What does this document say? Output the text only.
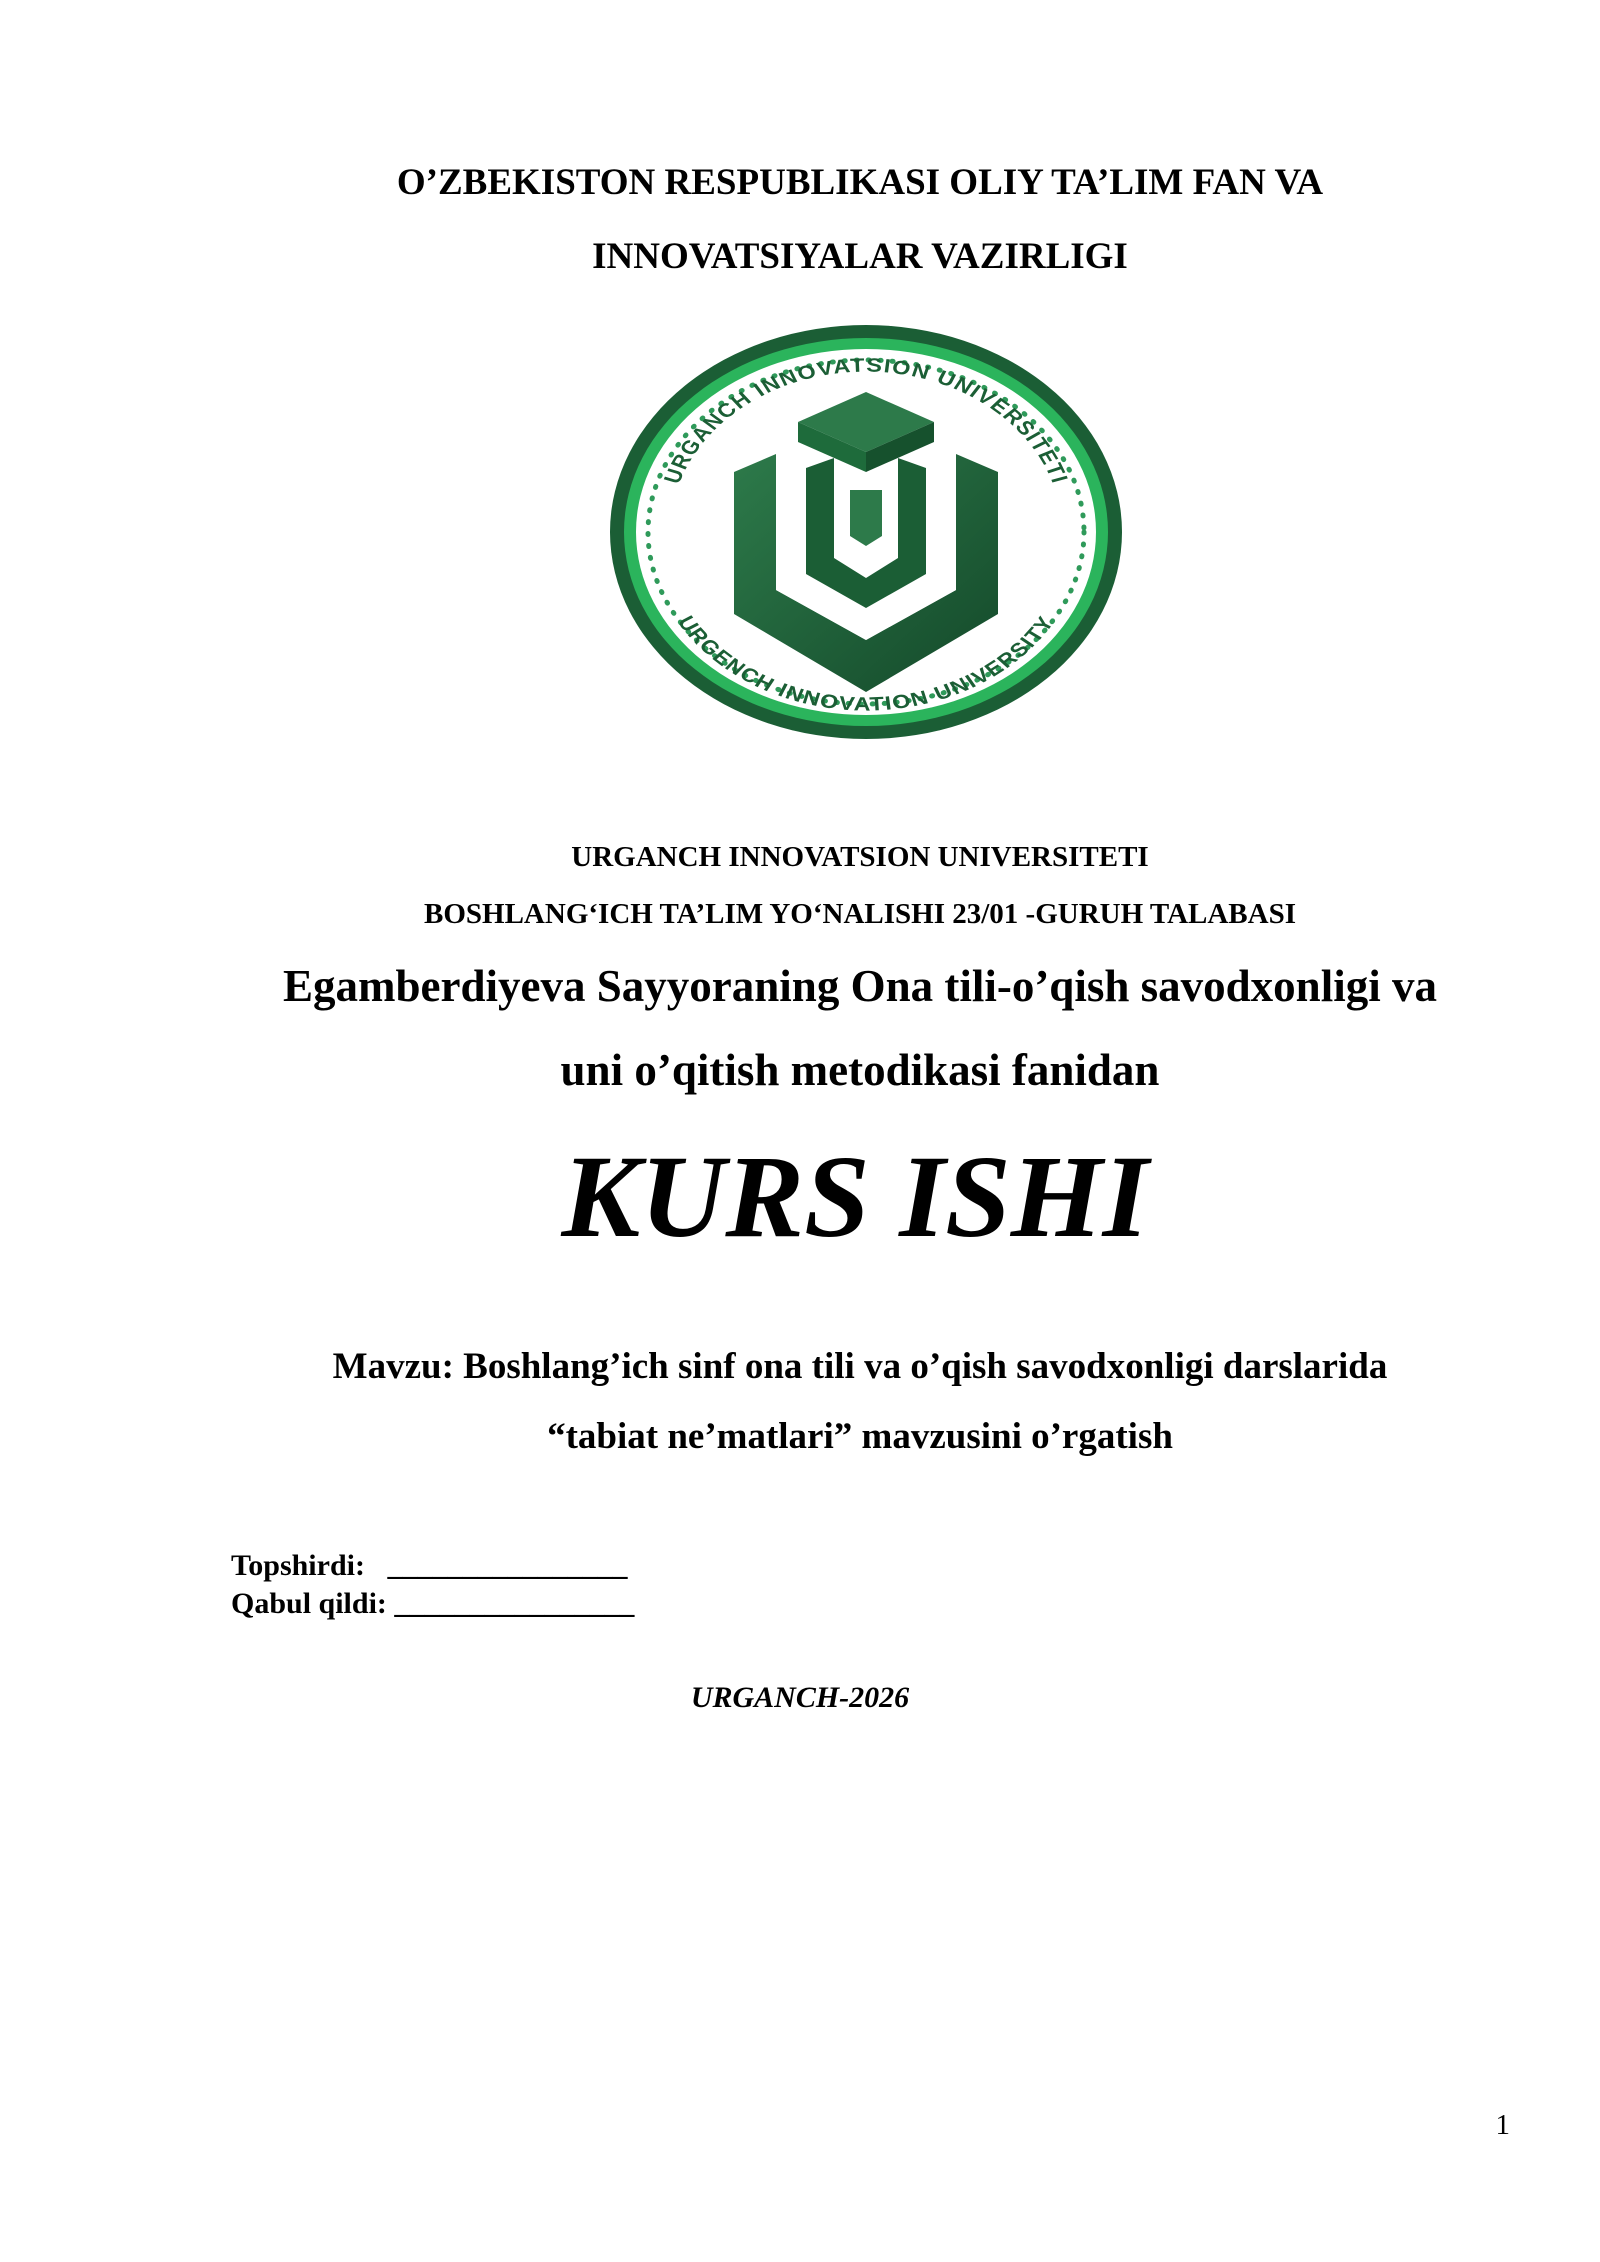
O’ZBEKISTON RESPUBLIKASI OLIY TA’LIM FAN VA
INNOVATSIYALAR VAZIRLIGI
URGANCH INNOVATSION UNIVERSITETI
URGENCH INNOVATION UNIVERSITY
URGANCH INNOVATSION UNIVERSITETI
BOSHLANG‘ICH TA’LIM YO‘NALISHI 23/01 -GURUH TALABASI
Egamberdiyeva Sayyoraning Ona tili-o’qish savodxonligi va
uni o’qitish metodikasi fanidan
KURS ISHI
Mavzu: Boshlang’ich sinf ona tili va o’qish savodxonligi darslarida
“tabiat ne’matlari” mavzusini o’rgatish
Topshirdi:   ________________
Qabul qildi: ________________
URGANCH-2026
1
